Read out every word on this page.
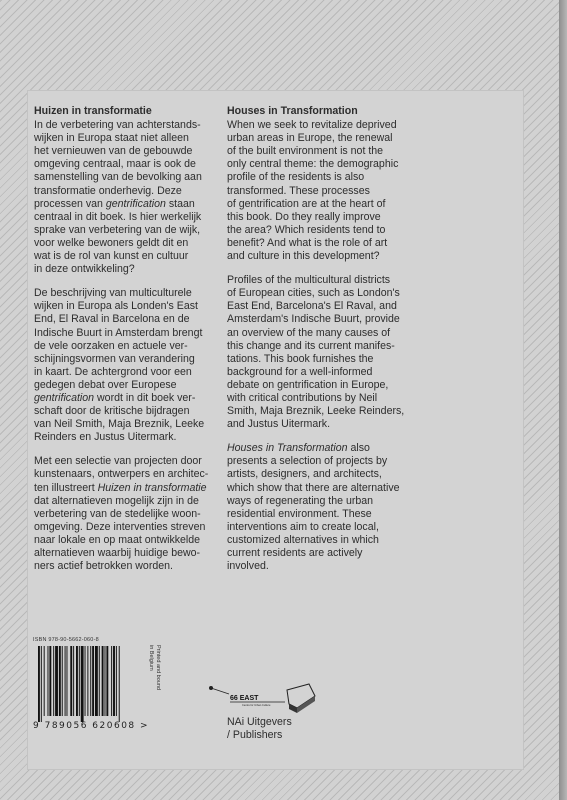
Huizen in transformatie
In de verbetering van achterstands-
wijken in Europa staat niet alleen
het vernieuwen van de gebouwde
omgeving centraal, maar is ook de
samenstelling van de bevolking aan
transformatie onderhevig. Deze
processen van gentrification staan
centraal in dit boek. Is hier werkelijk
sprake van verbetering van de wijk,
voor welke bewoners geldt dit en
wat is de rol van kunst en cultuur
in deze ontwikkeling?
De beschrijving van multiculturele
wijken in Europa als Londen's East
End, El Raval in Barcelona en de
Indische Buurt in Amsterdam brengt
de vele oorzaken en actuele ver-
schijningsvormen van verandering
in kaart. De achtergrond voor een
gedegen debat over Europese
gentrification wordt in dit boek ver-
schaft door de kritische bijdragen
van Neil Smith, Maja Breznik, Leeke
Reinders en Justus Uitermark.
Met een selectie van projecten door
kunstenaars, ontwerpers en architec-
ten illustreert Huizen in transformatie
dat alternatieven mogelijk zijn in de
verbetering van de stedelijke woon-
omgeving. Deze interventies streven
naar lokale en op maat ontwikkelde
alternatieven waarbij huidige bewo-
ners actief betrokken worden.
Houses in Transformation
When we seek to revitalize deprived
urban areas in Europe, the renewal
of the built environment is not the
only central theme: the demographic
profile of the residents is also
transformed. These processes
of gentrification are at the heart of
this book. Do they really improve
the area? Which residents tend to
benefit? And what is the role of art
and culture in this development?
Profiles of the multicultural districts
of European cities, such as London's
East End, Barcelona's El Raval, and
Amsterdam's Indische Buurt, provide
an overview of the many causes of
this change and its current manifes-
tations. This book furnishes the
background for a well-informed
debate on gentrification in Europe,
with critical contributions by Neil
Smith, Maja Breznik, Leeke Reinders,
and Justus Uitermark.
Houses in Transformation also
presents a selection of projects by
artists, designers, and architects,
which show that there are alternative
ways of regenerating the urban
residential environment. These
interventions aim to create local,
customized alternatives in which
current residents are actively
involved.
ISBN 978-90-5662-060-8
9 789056 620608 >
Printed and bound
in Belgium
66 EAST
Centre for Urban Culture
NAi Uitgevers
/ Publishers
